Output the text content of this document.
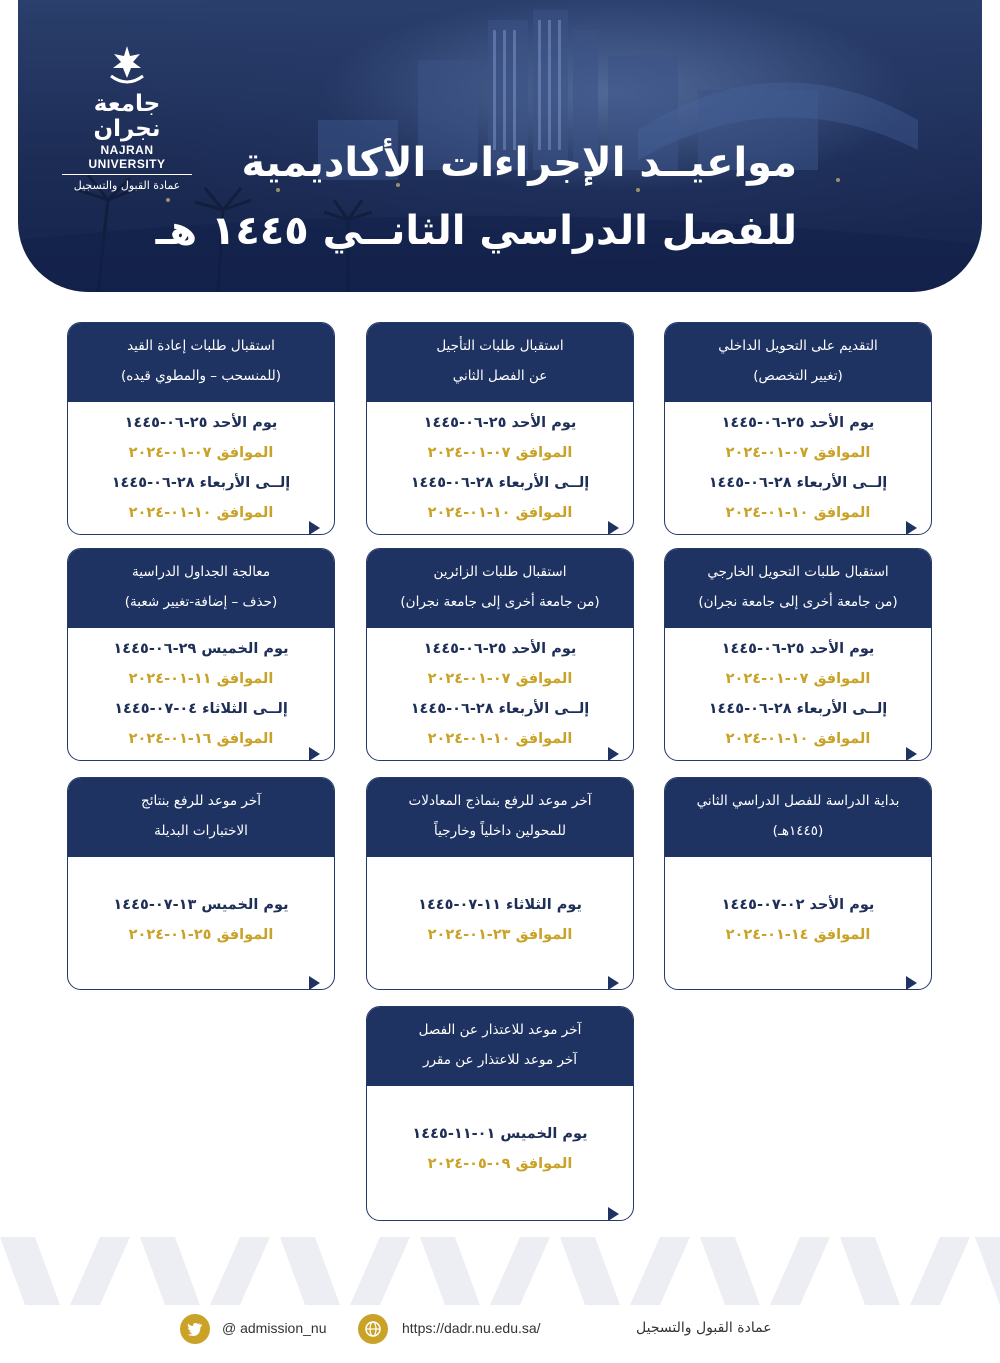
جامعة نجران
NAJRAN UNIVERSITY
عمادة القبول والتسجيل مواعيــد الإجراءات الأكاديمية
للفصل الدراسي الثانــي ١٤٤٥ هـ
التقديم على التحويل الداخلي
(تغيير التخصص)
يوم الأحد ٢٥-٠٦-١٤٤٥
الموافق ٠٧-٠١-٢٠٢٤
إلــى الأربعاء ٢٨-٠٦-١٤٤٥
الموافق ١٠-٠١-٢٠٢٤
استقبال طلبات التأجيل
عن الفصل الثاني
يوم الأحد ٢٥-٠٦-١٤٤٥
الموافق ٠٧-٠١-٢٠٢٤
إلــى الأربعاء ٢٨-٠٦-١٤٤٥
الموافق ١٠-٠١-٢٠٢٤
استقبال طلبات إعادة القيد
(للمنسحب – والمطوي قيده)
يوم الأحد ٢٥-٠٦-١٤٤٥
الموافق ٠٧-٠١-٢٠٢٤
إلــى الأربعاء ٢٨-٠٦-١٤٤٥
الموافق ١٠-٠١-٢٠٢٤
استقبال طلبات التحويل الخارجي
(من جامعة أخرى إلى جامعة نجران)
يوم الأحد ٢٥-٠٦-١٤٤٥
الموافق ٠٧-٠١-٢٠٢٤
إلــى الأربعاء ٢٨-٠٦-١٤٤٥
الموافق ١٠-٠١-٢٠٢٤
استقبال طلبات الزائرين
(من جامعة أخرى إلى جامعة نجران)
يوم الأحد ٢٥-٠٦-١٤٤٥
الموافق ٠٧-٠١-٢٠٢٤
إلــى الأربعاء ٢٨-٠٦-١٤٤٥
الموافق ١٠-٠١-٢٠٢٤
معالجة الجداول الدراسية
(حذف – إضافة-تغيير شعبة)
يوم الخميس ٢٩-٠٦-١٤٤٥
الموافق ١١-٠١-٢٠٢٤
إلــى الثلاثاء ٠٤-٠٧-١٤٤٥
الموافق ١٦-٠١-٢٠٢٤
بداية الدراسة للفصل الدراسي الثاني
(١٤٤٥هـ)
يوم الأحد ٠٢-٠٧-١٤٤٥
الموافق ١٤-٠١-٢٠٢٤
آخر موعد للرفع بنماذج المعادلات
للمحولين داخلياً وخارجياً
يوم الثلاثاء ١١-٠٧-١٤٤٥
الموافق ٢٣-٠١-٢٠٢٤
آخر موعد للرفع بنتائج
الاختبارات البديلة
يوم الخميس ١٣-٠٧-١٤٤٥
الموافق ٢٥-٠١-٢٠٢٤
آخر موعد للاعتذار عن الفصل
آخر موعد للاعتذار عن مقرر
يوم الخميس ٠١-١١-١٤٤٥
الموافق ٠٩-٠٥-٢٠٢٤
@ admission_nu	https://dadr.nu.edu.sa/	عمادة القبول والتسجيل
